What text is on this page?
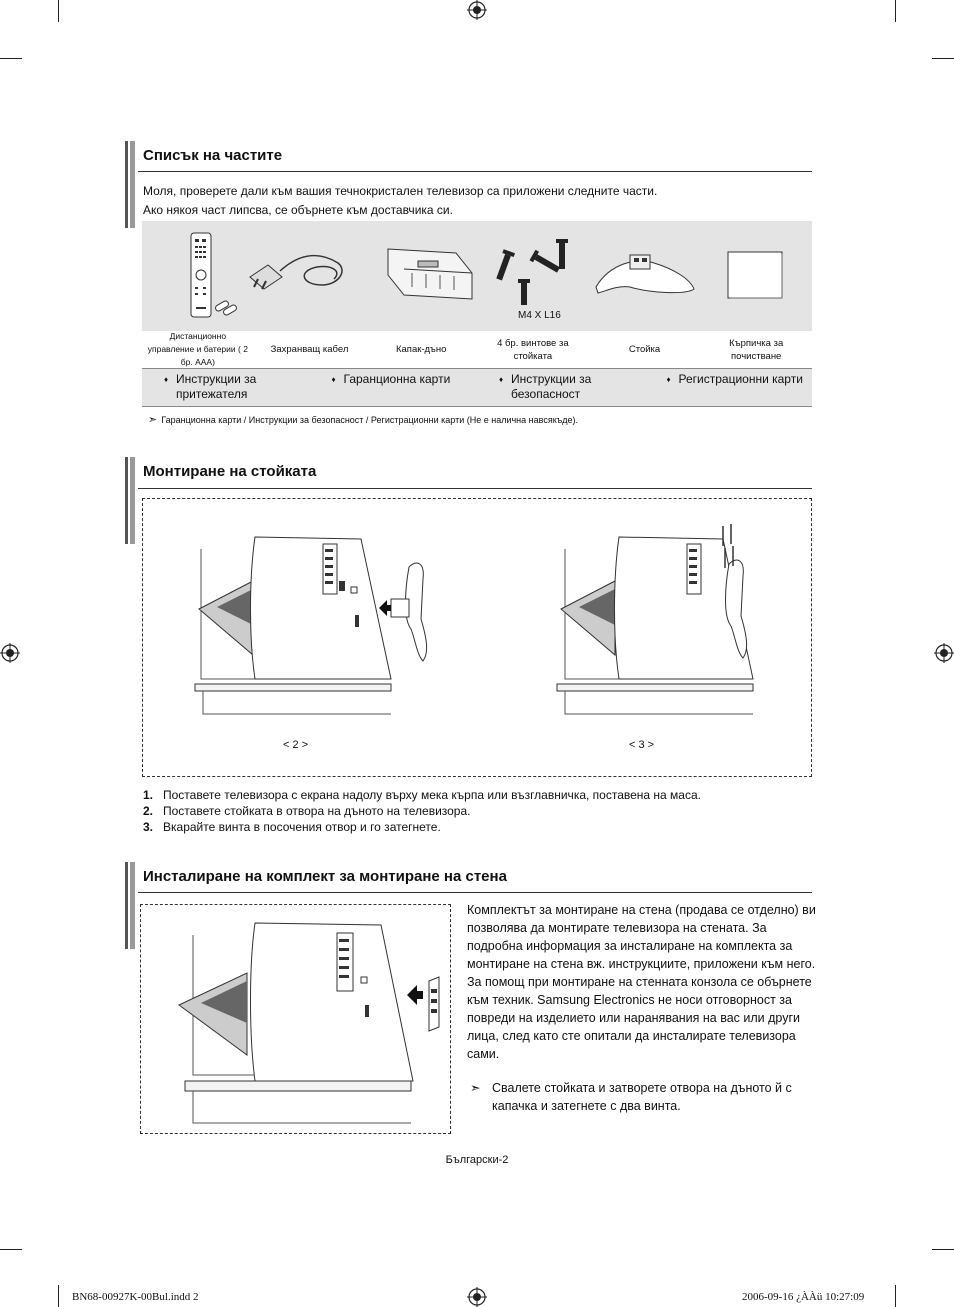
Списък на частите
Моля, проверете дали към вашия течнокристален телевизор са приложени следните части.
Ако някоя част липсва, се обърнете към доставчика си.
M4 X L16
Дистанционно управление и батерии ( 2 бр. AAA)
Захранващ кабел	Капак-дъно
4 бр. винтове за стойката
Стойка
Кърпичка за почистване
♦ Инструкции за притежателя
♦ Гаранционна карти
♦	Инструкции за безопасност
♦ Регистрационни карти
➣ Гаранционна карти / Инструкции за безопасност / Регистрационни карти (Не е налична навсякъде).
Монтиране на стойката
< 2 >	< 3 >
1. Поставете телевизора с екрана надолу върху мека кърпа или възглавничка, поставена на маса.
2. Поставете стойката в отвора на дъното на телевизора.
3. Вкарайте винта в посочения отвор и го затегнете.
Инсталиране на комплект за монтиране на стена
Комплектът за монтиране на стена (продава се отделно) ви позволява да монтирате телевизора на стената. За подробна информация за инсталиране на комплекта за монтиране на стена вж. инструкциите, приложени към него. За помощ при монтиране на стенната конзола се обърнете към техник. Samsung Electronics не носи отговорност за повреди на изделието или наранявания на вас или други лица, след като сте опитали да инсталирате телевизора сами.
➣ Свалете стойката и затворете отвора на дъното й с капачка и затегнете с два винта.
Български-2
BN68-00927K-00Bul.indd 2	2006-09-16 ¿ÀÀü 10:27:09
